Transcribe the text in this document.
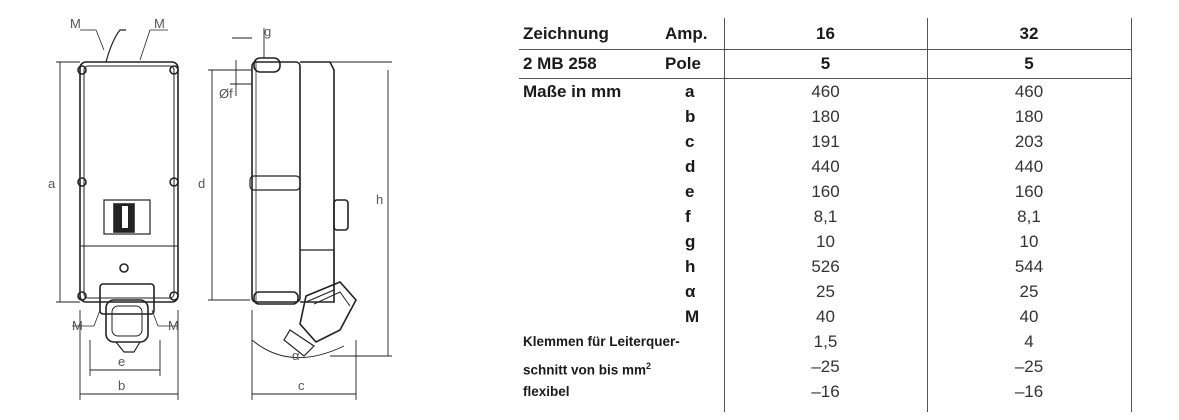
M	M
a
M	M
e
b
g
Øf
d
h
α
c
Zeichnung	Amp.	16	32
2 MB 258	Pole	5	5
Maße in mm	a	460	460
b	180	180
c	191	203
d	440	440
e	160	160
f	8,1	8,1
g	10	10
h	526	544
α	25	25
M	40	40
Klemmen für Leiterquer-	1,5	4
schnitt von bis $mm^2$	–25	–25
flexibel	–16	–16
